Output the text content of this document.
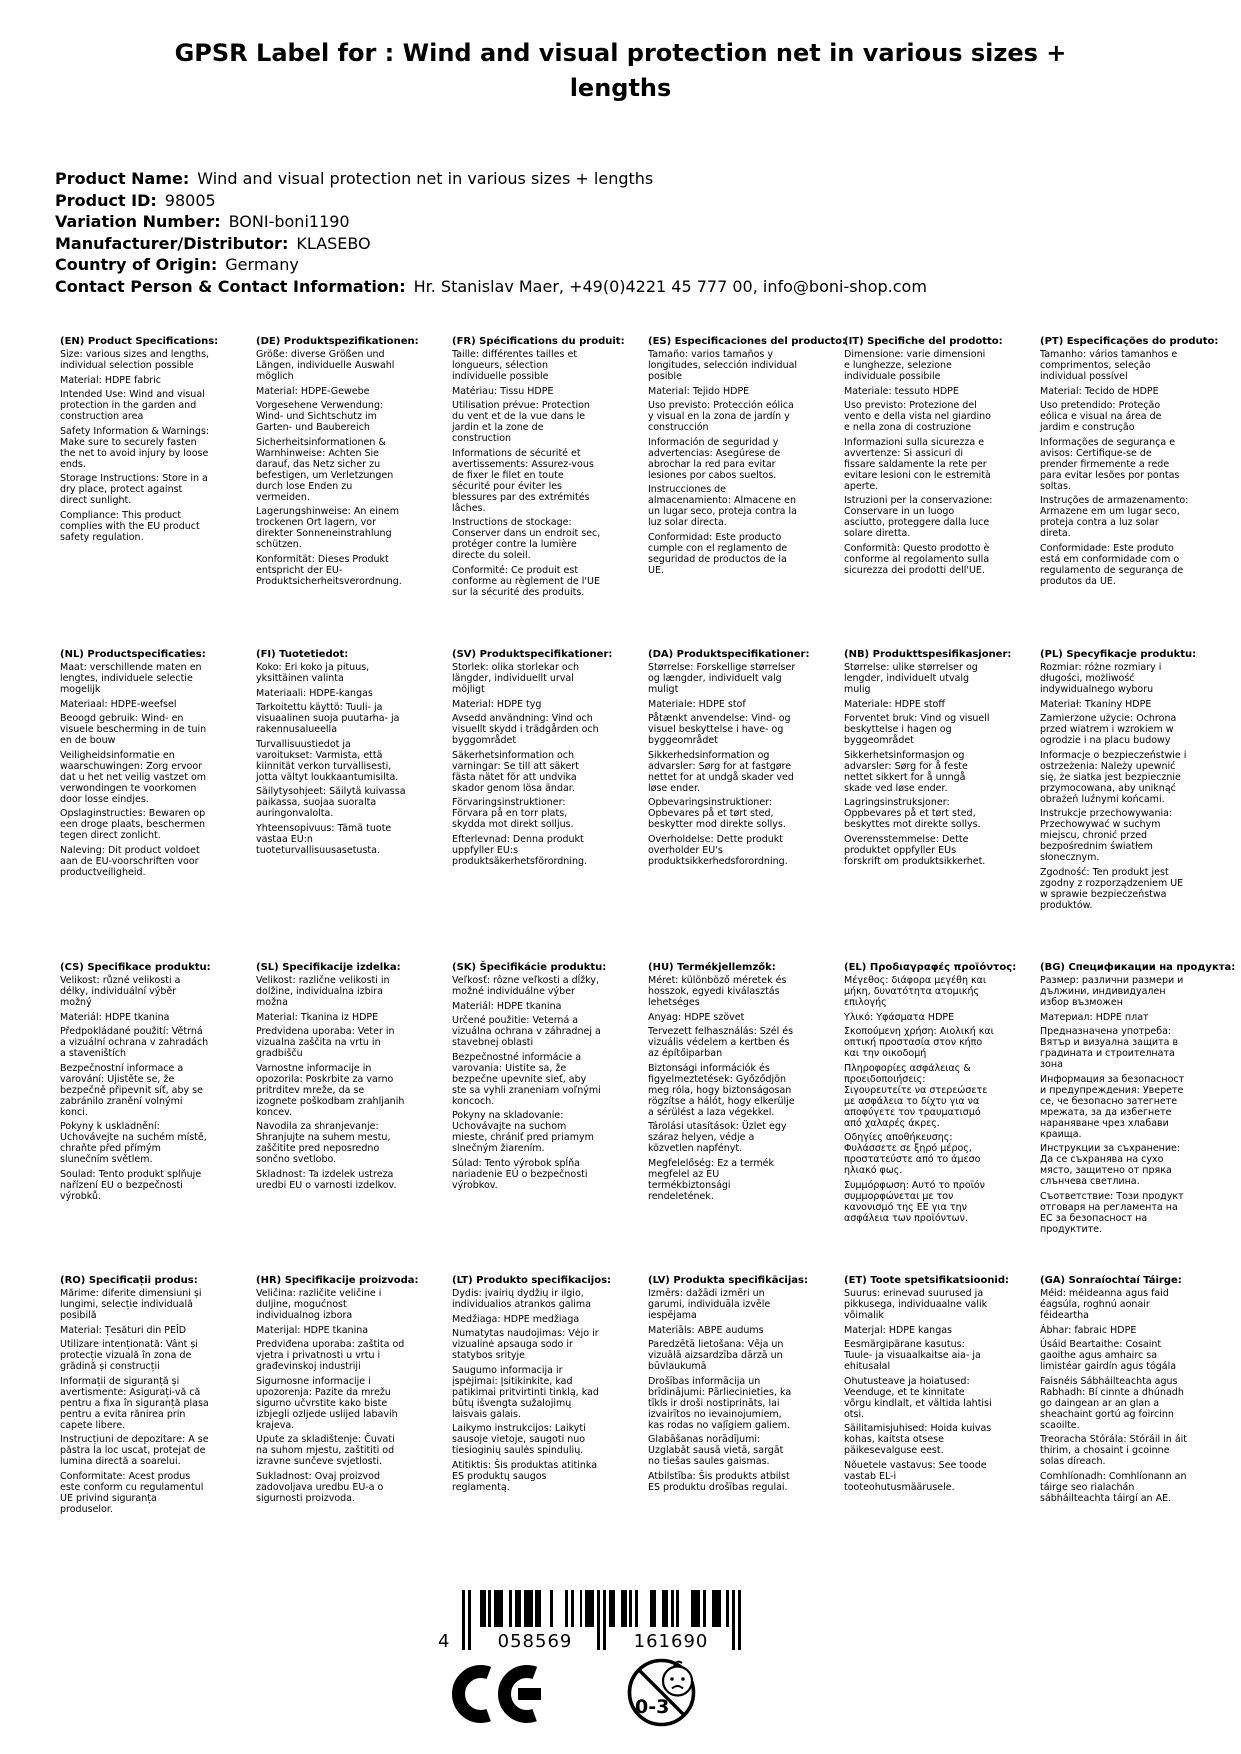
GPSR Label for : Wind and visual protection net in various sizes +
lengths
Product Name: Wind and visual protection net in various sizes + lengths
Product ID: 98005
Variation Number: BONI-boni1190
Manufacturer/Distributor: KLASEBO
Country of Origin: Germany
Contact Person & Contact Information: Hr. Stanislav Maer, +49(0)4221 45 777 00, info@boni-shop.com
(EN) Product Specifications:

Size: various sizes and lengths, individual selection possible

Material: HDPE fabric

Intended Use: Wind and visual protection in the garden and construction area

Safety Information & Warnings: Make sure to securely fasten the net to avoid injury by loose ends.

Storage Instructions: Store in a dry place, protect against direct sunlight.

Compliance: This product complies with the EU product safety regulation.

(DE) Produktspezifikationen:

Größe: diverse Größen und Längen, individuelle Auswahl möglich

Material: HDPE-Gewebe

Vorgesehene Verwendung: Wind- und Sichtschutz im Garten- und Baubereich

Sicherheitsinformationen & Warnhinweise: Achten Sie darauf, das Netz sicher zu befestigen, um Verletzungen durch lose Enden zu vermeiden.

Lagerungshinweise: An einem trockenen Ort lagern, vor direkter Sonneneinstrahlung schützen.

Konformität: Dieses Produkt entspricht der EU-Produktsicherheitsverordnung.

(FR) Spécifications du produit:

Taille: différentes tailles et longueurs, sélection individuelle possible

Matériau: Tissu HDPE

Utilisation prévue: Protection du vent et de la vue dans le jardin et la zone de construction

Informations de sécurité et avertissements: Assurez-vous de fixer le filet en toute sécurité pour éviter les blessures par des extrémités lâches.

Instructions de stockage: Conserver dans un endroit sec, protéger contre la lumière directe du soleil.

Conformité: Ce produit est conforme au règlement de l'UE sur la sécurité des produits.

(ES) Especificaciones del producto:

Tamaño: varios tamaños y longitudes, selección individual posible

Material: Tejido HDPE

Uso previsto: Protección eólica y visual en la zona de jardín y construcción

Información de seguridad y advertencias: Asegúrese de abrochar la red para evitar lesiones por cabos sueltos.

Instrucciones de almacenamiento: Almacene en un lugar seco, proteja contra la luz solar directa.

Conformidad: Este producto cumple con el reglamento de seguridad de productos de la UE.

(IT) Specifiche del prodotto:

Dimensione: varie dimensioni e lunghezze, selezione individuale possibile

Materiale: tessuto HDPE

Uso previsto: Protezione del vento e della vista nel giardino e nella zona di costruzione

Informazioni sulla sicurezza e avvertenze: Si assicuri di fissare saldamente la rete per evitare lesioni con le estremità aperte.

Istruzioni per la conservazione: Conservare in un luogo asciutto, proteggere dalla luce solare diretta.

Conformità: Questo prodotto è conforme al regolamento sulla sicurezza dei prodotti dell'UE.

(PT) Especificações do produto:

Tamanho: vários tamanhos e comprimentos, seleção individual possível

Material: Tecido de HDPE

Uso pretendido: Proteção eólica e visual na área de jardim e construção

Informações de segurança e avisos: Certifique-se de prender firmemente a rede para evitar lesões por pontas soltas.

Instruções de armazenamento: Armazene em um lugar seco, proteja contra a luz solar direta.

Conformidade: Este produto está em conformidade com o regulamento de segurança de produtos da UE.

(NL) Productspecificaties:

Maat: verschillende maten en lengtes, individuele selectie mogelijk

Materiaal: HDPE-weefsel

Beoogd gebruik: Wind- en visuele bescherming in de tuin en de bouw

Veiligheidsinformatie en waarschuwingen: Zorg ervoor dat u het net veilig vastzet om verwondingen te voorkomen door losse eindjes.

Opslaginstructies: Bewaren op een droge plaats, beschermen tegen direct zonlicht.

Naleving: Dit product voldoet aan de EU-voorschriften voor productveiligheid.

(FI) Tuotetiedot:

Koko: Eri koko ja pituus, yksittäinen valinta

Materiaali: HDPE-kangas

Tarkoitettu käyttö: Tuuli- ja visuaalinen suoja puutarha- ja rakennusalueella

Turvallisuustiedot ja varoitukset: Varmista, että kiinnität verkon turvallisesti, jotta vältyt loukkaantumisilta.

Säilytysohjeet: Säilytä kuivassa paikassa, suojaa suoralta auringonvalolta.

Yhteensopivuus: Tämä tuote vastaa EU:n tuoteturvallisuusasetusta.

(SV) Produktspecifikationer:

Storlek: olika storlekar och längder, individuellt urval möjligt

Material: HDPE tyg

Avsedd användning: Vind och visuellt skydd i trädgården och byggområdet

Säkerhetsinformation och varningar: Se till att säkert fästa nätet för att undvika skador genom lösa ändar.

Förvaringsinstruktioner: Förvara på en torr plats, skydda mot direkt solljus.

Efterlevnad: Denna produkt uppfyller EU:s produktsäkerhetsförordning.

(DA) Produktspecifikationer:

Størrelse: Forskellige størrelser og længder, individuelt valg muligt

Materiale: HDPE stof

Påtænkt anvendelse: Vind- og visuel beskyttelse i have- og byggeområdet

Sikkerhedsinformation og advarsler: Sørg for at fastgøre nettet for at undgå skader ved løse ender.

Opbevaringsinstruktioner: Opbevares på et tørt sted, beskytter mod direkte sollys.

Overholdelse: Dette produkt overholder EU's produktsikkerhedsforordning.

(NB) Produkttspesifikasjoner:

Størrelse: ulike størrelser og lengder, individuelt utvalg mulig

Materiale: HDPE stoff

Forventet bruk: Vind og visuell beskyttelse i hagen og byggeområdet

Sikkerhetsinformasjon og advarsler: Sørg for å feste nettet sikkert for å unngå skade ved løse ender.

Lagringsinstruksjoner: Oppbevares på et tørt sted, beskyttes mot direkte sollys.

Overensstemmelse: Dette produktet oppfyller EUs forskrift om produktsikkerhet.

(PL) Specyfikacje produktu:

Rozmiar: różne rozmiary i długości, możliwość indywidualnego wyboru

Materiał: Tkaniny HDPE

Zamierzone użycie: Ochrona przed wiatrem i wzrokiem w ogrodzie i na placu budowy

Informacje o bezpieczeństwie i ostrzeżenia: Należy upewnić się, że siatka jest bezpiecznie przymocowana, aby uniknąć obrażeń luźnymi końcami.

Instrukcje przechowywania: Przechowywać w suchym miejscu, chronić przed bezpośrednim światłem słonecznym.

Zgodność: Ten produkt jest zgodny z rozporządzeniem UE w sprawie bezpieczeństwa produktów.

(CS) Specifikace produktu:

Velikost: různé velikosti a délky, individuální výběr možný

Materiál: HDPE tkanina

Předpokládané použití: Větrná a vizuální ochrana v zahradách a staveništích

Bezpečnostní informace a varování: Ujistěte se, že bezpečně připevnit síť, aby se zabránilo zranění volnými konci.

Pokyny k uskladnění: Uchovávejte na suchém místě, chraňte před přímým slunečním světlem.

Soulad: Tento produkt splňuje nařízení EU o bezpečnosti výrobků.

(SL) Specifikacije izdelka:

Velikost: različne velikosti in dolžine, individualna izbira možna

Material: Tkanina iz HDPE

Predvidena uporaba: Veter in vizualna zaščita na vrtu in gradbišču

Varnostne informacije in opozorila: Poskrbite za varno pritrditev mreže, da se izognete poškodbam zrahljanih koncev.

Navodila za shranjevanje: Shranjujte na suhem mestu, zaščitite pred neposredno sončno svetlobo.

Skladnost: Ta izdelek ustreza uredbi EU o varnosti izdelkov.

(SK) Špecifikácie produktu:

Veľkosť: rôzne veľkosti a dĺžky, možné individuálne výber

Materiál: HDPE tkanina

Určené použitie: Veterná a vizuálna ochrana v záhradnej a stavebnej oblasti

Bezpečnostné informácie a varovania: Uistite sa, že bezpečne upevnite sieť, aby ste sa vyhli zraneniam voľnými koncoch.

Pokyny na skladovanie: Uchovávajte na suchom mieste, chrániť pred priamym slnečným žiarením.

Súlad: Tento výrobok spĺňa nariadenie EÚ o bezpečnosti výrobkov.

(HU) Termékjellemzők:

Méret: különböző méretek és hosszok, egyedi kiválasztás lehetséges

Anyag: HDPE szövet

Tervezett felhasználás: Szél és vizuális védelem a kertben és az építőiparban

Biztonsági információk és figyelmeztetések: Győződjön meg róla, hogy biztonságosan rögzítse a hálót, hogy elkerülje a sérülést a laza végekkel.

Tárolási utasítások: Üzlet egy száraz helyen, védje a közvetlen napfényt.

Megfelelőség: Ez a termék megfelel az EU termékbiztonsági rendeletének.

(EL) Προδιαγραφές προϊόντος:

Μέγεθος: διάφορα μεγέθη και μήκη, δυνατότητα ατομικής επιλογής

Υλικό: Υφάσματα HDPE

Σκοπούμενη χρήση: Αιολική και οπτική προστασία στον κήπο και την οικοδομή

Πληροφορίες ασφάλειας & προειδοποιήσεις: Σιγουρευτείτε να στερεώσετε με ασφάλεια το δίχτυ για να αποφύγετε τον τραυματισμό από χαλαρές άκρες.

Οδηγίες αποθήκευσης: Φυλάσσετε σε ξηρό μέρος, προστατεύστε από το άμεσο ηλιακό φως.

Συμμόρφωση: Αυτό το προϊόν συμμορφώνεται με τον κανονισμό της ΕΕ για την ασφάλεια των προϊόντων.

(BG) Спецификации на продукта:

Размер: различни размери и дължини, индивидуален избор възможен

Материал: HDPE плат

Предназначена употреба: Вятър и визуална защита в градината и строителната зона

Информация за безопасност и предупреждения: Уверете се, че безопасно затегнете мрежата, за да избегнете нараняване чрез хлабави краища.

Инструкции за съхранение: Да се съхранява на сухо място, защитено от пряка слънчева светлина.

Съответствие: Този продукт отговаря на регламента на ЕС за безопасност на продуктите.

(RO) Specificații produs:

Mărime: diferite dimensiuni și lungimi, selecție individuală posibilă

Material: Țesături din PEÎD

Utilizare intenționată: Vânt și protecție vizuală în zona de grădină și construcții

Informații de siguranță și avertismente: Asigurați-vă că pentru a fixa în siguranță plasa pentru a evita rănirea prin capete libere.

Instrucțiuni de depozitare: A se păstra la loc uscat, protejat de lumina directă a soarelui.

Conformitate: Acest produs este conform cu regulamentul UE privind siguranța produselor.

(HR) Specifikacije proizvoda:

Veličina: različite veličine i duljine, mogućnost individualnog izbora

Materijal: HDPE tkanina

Predviđena uporaba: zaštita od vjetra i privatnosti u vrtu i građevinskoj industriji

Sigurnosne informacije i upozorenja: Pazite da mrežu sigurno učvrstite kako biste izbjegli ozljede uslijed labavih krajeva.

Upute za skladištenje: Čuvati na suhom mjestu, zaštititi od izravne sunčeve svjetlosti.

Sukladnost: Ovaj proizvod zadovoljava uredbu EU-a o sigurnosti proizvoda.

(LT) Produkto specifikacijos:

Dydis: įvairių dydžių ir ilgio, individualios atrankos galima

Medžiaga: HDPE medžiaga

Numatytas naudojimas: Vėjo ir vizualinė apsauga sodo ir statybos srityje

Saugumo informacija ir įspėjimai: Įsitikinkite, kad patikimai pritvirtinti tinklą, kad būtų išvengta sužalojimų laisvais galais.

Laikymo instrukcijos: Laikyti sausoje vietoje, saugoti nuo tiesioginių saulės spindulių.

Atitiktis: Šis produktas atitinka ES produktų saugos reglamentą.

(LV) Produkta specifikācijas:

Izmērs: dažādi izmēri un garumi, individuāla izvēle iespējama

Materiāls: ABPE audums

Paredzētā lietošana: Vēja un vizuālā aizsardzība dārzā un būvlaukumā

Drošības informācija un brīdinājumi: Pārliecinieties, ka tīkls ir droši nostiprināts, lai izvairītos no ievainojumiem, kas rodas no vaļīgiem galiem.

Glabāšanas norādījumi: Uzglabāt sausā vietā, sargāt no tiešas saules gaismas.

Atbilstība: Šis produkts atbilst ES produktu drošības regulai.

(ET) Toote spetsifikatsioonid:

Suurus: erinevad suurused ja pikkusega, individuaalne valik võimalik

Materjal: HDPE kangas

Eesmärgipärane kasutus: Tuule- ja visuaalkaitse aia- ja ehitusalal

Ohutusteave ja hoiatused: Veenduge, et te kinnitate võrgu kindlalt, et vältida lahtisi otsi.

Säilitamisjuhised: Hoida kuivas kohas, kaitsta otsese päikesevalguse eest.

Nõuetele vastavus: See toode vastab EL-i tooteohutusmäärusele.

(GA) Sonraíochtaí Táirge:

Méid: méideanna agus faid éagsúla, roghnú aonair féideartha

Ábhar: fabraic HDPE

Úsáid Beartaithe: Cosaint gaoithe agus amhairc sa limistéar gairdín agus tógála

Faisnéis Sábháilteachta agus Rabhadh: Bí cinnte a dhúnadh go daingean ar an glan a sheachaint gortú ag foircinn scaoilte.

Treoracha Stórála: Stóráil in áit thirim, a chosaint i gcoinne solas díreach.

Comhlíonadh: Comhlíonann an táirge seo rialachán sábháilteachta táirgí an AE.

4	058569	161690
0-3
